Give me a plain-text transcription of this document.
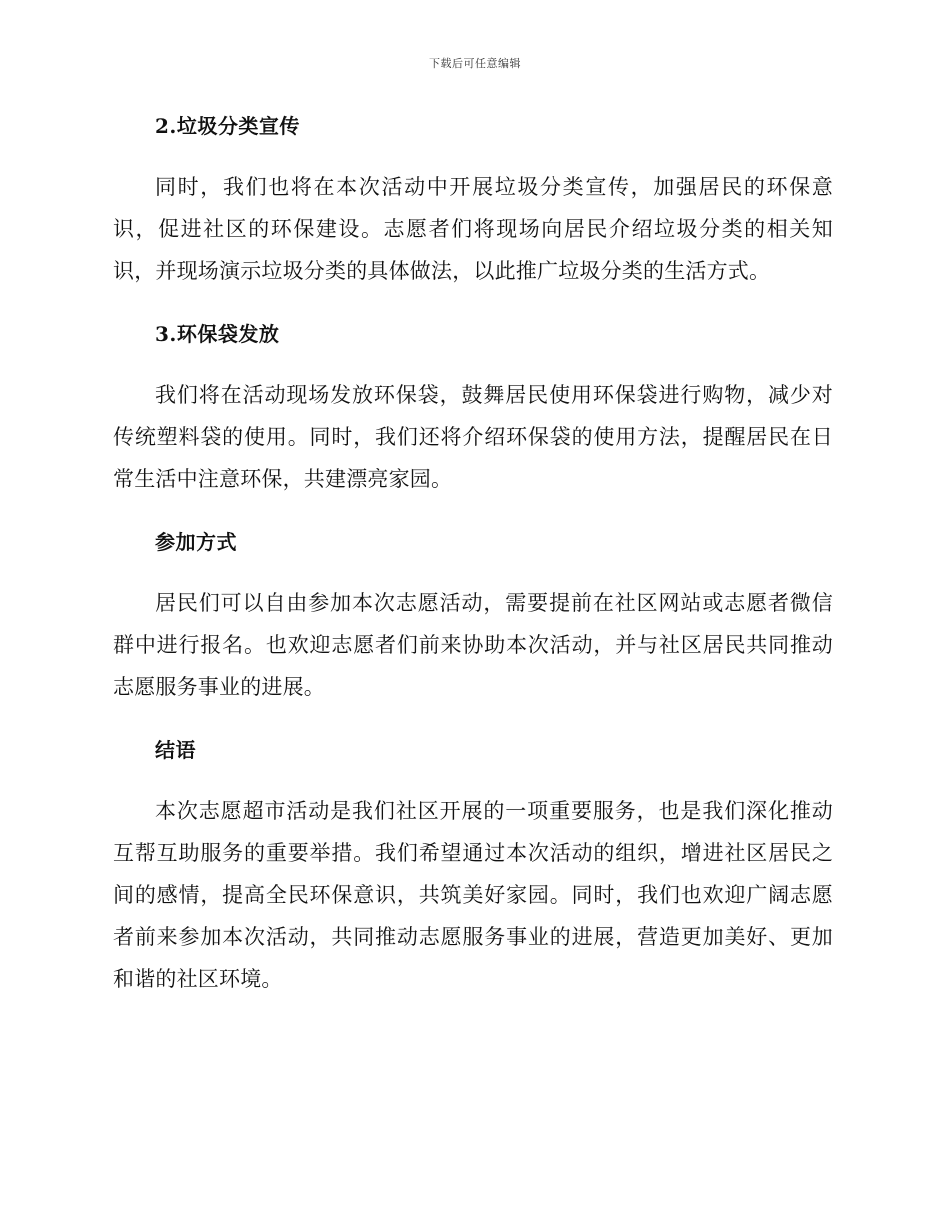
下载后可任意编辑
2.垃圾分类宣传

同时，我们也将在本次活动中开展垃圾分类宣传，加强居民的环保意识，促进社区的环保建设。志愿者们将现场向居民介绍垃圾分类的相关知识，并现场演示垃圾分类的具体做法，以此推广垃圾分类的生活方式。

3.环保袋发放

我们将在活动现场发放环保袋，鼓舞居民使用环保袋进行购物，减少对传统塑料袋的使用。同时，我们还将介绍环保袋的使用方法，提醒居民在日常生活中注意环保，共建漂亮家园。

参加方式

居民们可以自由参加本次志愿活动，需要提前在社区网站或志愿者微信群中进行报名。也欢迎志愿者们前来协助本次活动，并与社区居民共同推动志愿服务事业的进展。

结语

本次志愿超市活动是我们社区开展的一项重要服务，也是我们深化推动互帮互助服务的重要举措。我们希望通过本次活动的组织，增进社区居民之间的感情，提高全民环保意识，共筑美好家园。同时，我们也欢迎广阔志愿者前来参加本次活动，共同推动志愿服务事业的进展，营造更加美好、更加和谐的社区环境。
